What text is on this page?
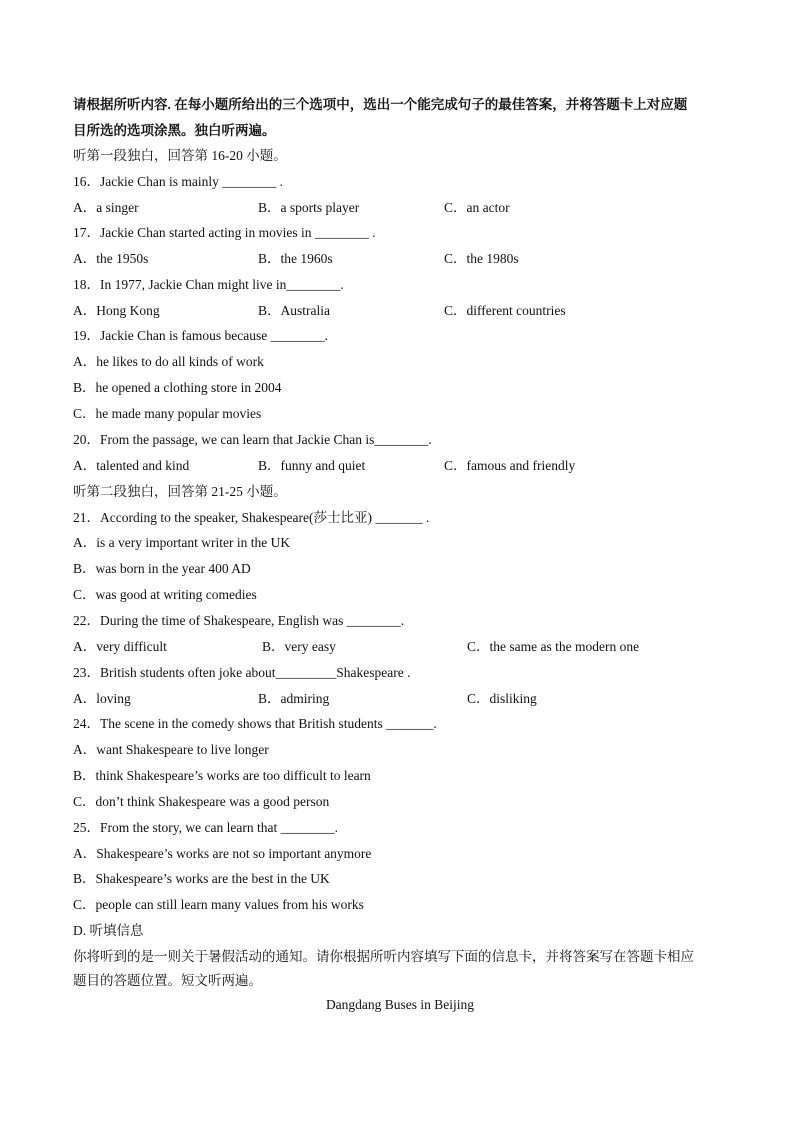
请根据所听内容. 在每小题所给出的三个选项中，选出一个能完成句子的最佳答案，并将答题卡上对应题
目所选的选项涂黑。独白听两遍。
听第一段独白，回答第 16-20 小题。
16．Jackie Chan is mainly ________ .
A．a singer	B．a sports player	C．an actor
17．Jackie Chan started acting in movies in ________ .
A．the 1950s	B．the 1960s	C．the 1980s
18．In 1977, Jackie Chan might live in________.
A．Hong Kong	B．Australia	C．different countries
19．Jackie Chan is famous because ________.
A．he likes to do all kinds of work
B．he opened a clothing store in 2004
C．he made many popular movies
20．From the passage, we can learn that Jackie Chan is________.
A．talented and kind	B．funny and quiet	C．famous and friendly
听第二段独白，回答第 21-25 小题。
21．According to the speaker, Shakespeare(莎士比亚) _______ .
A．is a very important writer in the UK
B．was born in the year 400 AD
C．was good at writing comedies
22．During the time of Shakespeare, English was ________.
A．very difficult	B．very easy	C．the same as the modern one
23．British students often joke about_________Shakespeare .
A．loving	B．admiring	C．disliking
24．The scene in the comedy shows that British students _______.
A．want Shakespeare to live longer
B．think Shakespeare’s works are too difficult to learn
C．don’t think Shakespeare was a good person
25．From the story, we can learn that ________.
A．Shakespeare’s works are not so important anymore
B．Shakespeare’s works are the best in the UK
C．people can still learn many values from his works
D. 听填信息
你将听到的是一则关于暑假活动的通知。请你根据所听内容填写下面的信息卡，并将答案写在答题卡相应
题目的答题位置。短文听两遍。
Dangdang Buses in Beijing
